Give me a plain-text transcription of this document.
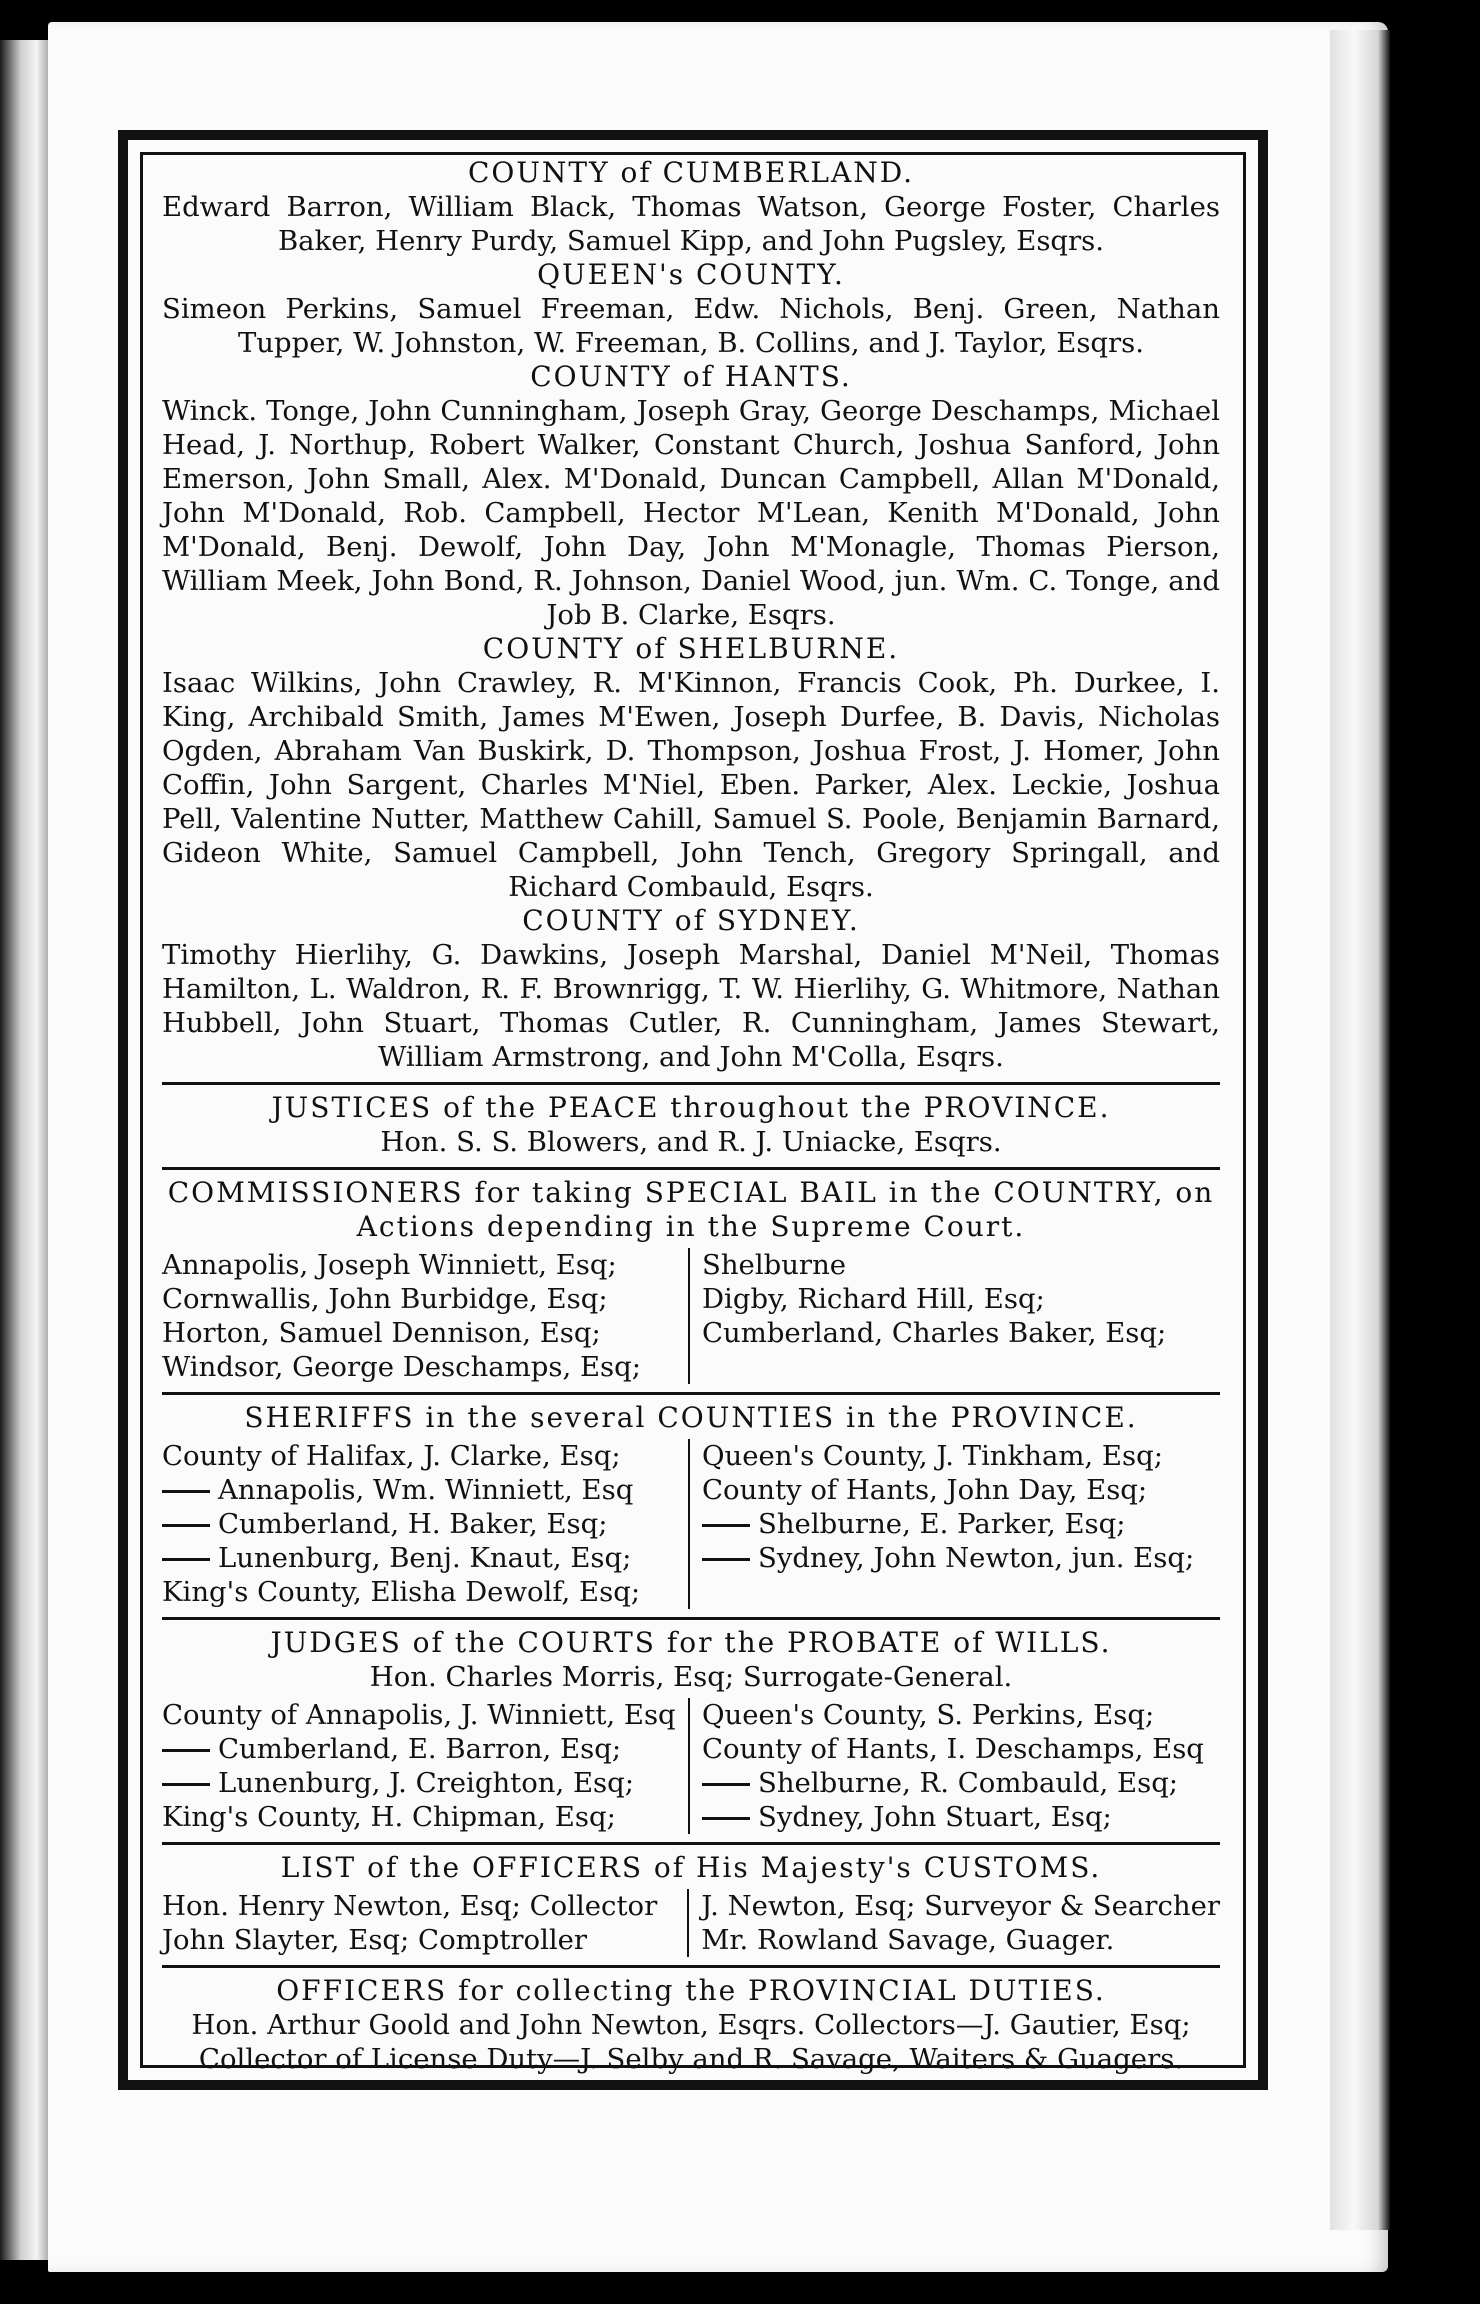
COUNTY of CUMBERLAND.

Edward Barron, William Black, Thomas Watson, George Foster, Charles Baker, Henry Purdy, Samuel Kipp, and John Pugsley, Esqrs.

QUEEN's COUNTY.

Simeon Perkins, Samuel Freeman, Edw. Nichols, Benj. Green, Nathan Tupper, W. Johnston, W. Freeman, B. Collins, and J. Taylor, Esqrs.

COUNTY of HANTS.

Winck. Tonge, John Cunningham, Joseph Gray, George Deschamps, Michael Head, J. Northup, Robert Walker, Constant Church, Joshua Sanford, John Emerson, John Small, Alex. M'Donald, Duncan Campbell, Allan M'Donald, John M'Donald, Rob. Campbell, Hector M'Lean, Kenith M'Donald, John M'Donald, Benj. Dewolf, John Day, John M'Monagle, Thomas Pierson, William Meek, John Bond, R. Johnson, Daniel Wood, jun. Wm. C. Tonge, and Job B. Clarke, Esqrs.

COUNTY of SHELBURNE.

Isaac Wilkins, John Crawley, R. M'Kinnon, Francis Cook, Ph. Durkee, I. King, Archibald Smith, James M'Ewen, Joseph Durfee, B. Davis, Nicholas Ogden, Abraham Van Buskirk, D. Thompson, Joshua Frost, J. Homer, John Coffin, John Sargent, Charles M'Niel, Eben. Parker, Alex. Leckie, Joshua Pell, Valentine Nutter, Matthew Cahill, Samuel S. Poole, Benjamin Barnard, Gideon White, Samuel Campbell, John Tench, Gregory Springall, and Richard Combauld, Esqrs.

COUNTY of SYDNEY.

Timothy Hierlihy, G. Dawkins, Joseph Marshal, Daniel M'Neil, Thomas Hamilton, L. Waldron, R. F. Brownrigg, T. W. Hierlihy, G. Whitmore, Nathan Hubbell, John Stuart, Thomas Cutler, R. Cunningham, James Stewart, William Armstrong, and John M'Colla, Esqrs.

JUSTICES of the PEACE throughout the PROVINCE.

Hon. S. S. Blowers, and R. J. Uniacke, Esqrs.

COMMISSIONERS for taking SPECIAL BAIL in the COUNTRY, on Actions depending in the Supreme Court.

Annapolis, Joseph Winniett, Esq;
Cornwallis, John Burbidge, Esq;
Horton, Samuel Dennison, Esq;
Windsor, George Deschamps, Esq;
Shelburne
Digby, Richard Hill, Esq;
Cumberland, Charles Baker, Esq;

SHERIFFS in the several COUNTIES in the PROVINCE.

County of Halifax, J. Clarke, Esq;
Annapolis, Wm. Winniett, Esq
Cumberland, H. Baker, Esq;
Lunenburg, Benj. Knaut, Esq;
King's County, Elisha Dewolf, Esq;
Queen's County, J. Tinkham, Esq;
County of Hants, John Day, Esq;
Shelburne, E. Parker, Esq;
Sydney, John Newton, jun. Esq;

JUDGES of the COURTS for the PROBATE of WILLS.

Hon. Charles Morris, Esq; Surrogate-General.

County of Annapolis, J. Winniett, Esq
Cumberland, E. Barron, Esq;
Lunenburg, J. Creighton, Esq;
King's County, H. Chipman, Esq;
Queen's County, S. Perkins, Esq;
County of Hants, I. Deschamps, Esq
Shelburne, R. Combauld, Esq;
Sydney, John Stuart, Esq;

LIST of the OFFICERS of His Majesty's CUSTOMS.

Hon. Henry Newton, Esq; Collector
John Slayter, Esq; Comptroller
J. Newton, Esq; Surveyor & Searcher
Mr. Rowland Savage, Guager.

OFFICERS for collecting the PROVINCIAL DUTIES.

Hon. Arthur Goold and John Newton, Esqrs. Collectors—J. Gautier, Esq;

Collector of License Duty—J. Selby and R. Savage, Waiters & Guagers.
